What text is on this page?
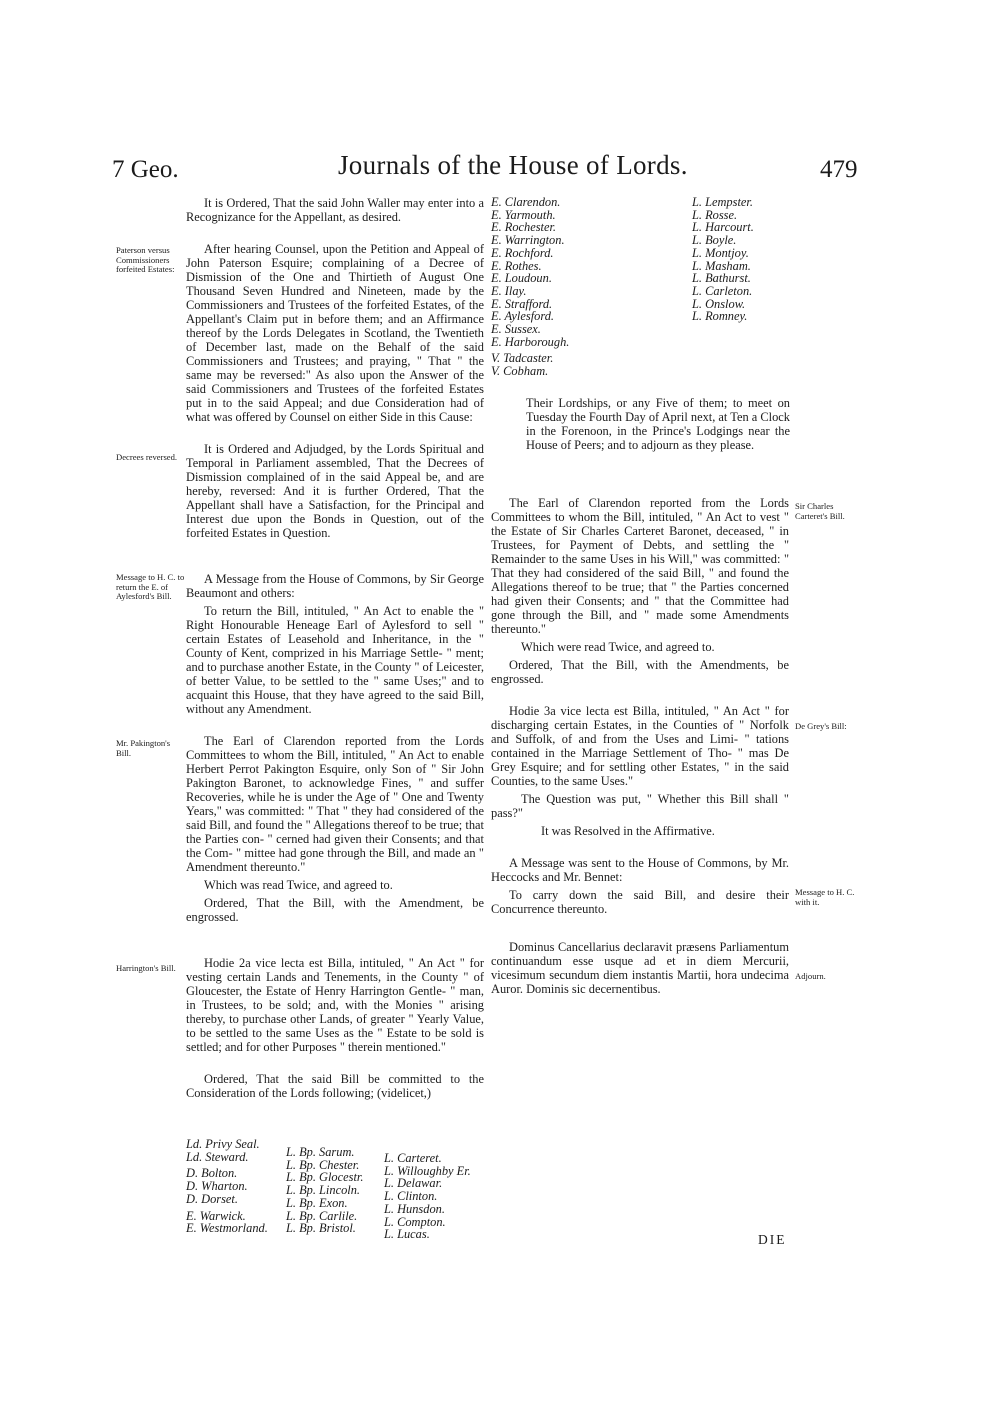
7 Geo.	Journals of the House of Lords.	479
Paterson versus Commissioners forfeited Estates:
Decrees reversed.
Message to H. C. to return the E. of Aylesford's Bill.
Mr. Pakington's Bill.
Harrington's Bill.

It is Ordered, That the said John Waller may enter into a Recognizance for the Appellant, as desired.

After hearing Counsel, upon the Petition and Appeal of John Paterson Esquire; complaining of a Decree of Dismission of the One and Thirtieth of August One Thousand Seven Hundred and Nineteen, made by the Commissioners and Trustees of the forfeited Estates, of the Appellant's Claim put in before them; and an Affirmance thereof by the Lords Delegates in Scotland, the Twentieth of December last, made on the Behalf of the said Commissioners and Trustees; and praying, " That " the same may be reversed:" As also upon the Answer of the said Commissioners and Trustees of the forfeited Estates put in to the said Appeal; and due Consideration had of what was offered by Counsel on either Side in this Cause:

It is Ordered and Adjudged, by the Lords Spiritual and Temporal in Parliament assembled, That the Decrees of Dismission complained of in the said Appeal be, and are hereby, reversed: And it is further Ordered, That the Appellant shall have a Satisfaction, for the Principal and Interest due upon the Bonds in Question, out of the forfeited Estates in Question.

A Message from the House of Commons, by Sir George Beaumont and others:

To return the Bill, intituled, " An Act to enable the " Right Honourable Heneage Earl of Aylesford to sell " certain Estates of Leasehold and Inheritance, in the " County of Kent, comprized in his Marriage Settle- " ment; and to purchase another Estate, in the County " of Leicester, of better Value, to be settled to the " same Uses;" and to acquaint this House, that they have agreed to the said Bill, without any Amendment.

The Earl of Clarendon reported from the Lords Committees to whom the Bill, intituled, " An Act to enable Herbert Perrot Pakington Esquire, only Son of " Sir John Pakington Baronet, to acknowledge Fines, " and suffer Recoveries, while he is under the Age of " One and Twenty Years," was committed: " That " they had considered of the said Bill, and found the " Allegations thereof to be true; that the Parties con- " cerned had given their Consents; and that the Com- " mittee had gone through the Bill, and made an " Amendment thereunto."

Which was read Twice, and agreed to.

Ordered, That the Bill, with the Amendment, be engrossed.

Hodie 2a vice lecta est Billa, intituled, " An Act " for vesting certain Lands and Tenements, in the County " of Gloucester, the Estate of Henry Harrington Gentle- " man, in Trustees, to be sold; and, with the Monies " arising thereby, to purchase other Lands, of greater " Yearly Value, to be settled to the same Uses as the " Estate to be sold is settled; and for other Purposes " therein mentioned."

Ordered, That the said Bill be committed to the Consideration of the Lords following; (videlicet,)

Ld. Privy Seal.
Ld. Steward.
D. Bolton.
D. Wharton.
D. Dorset.
E. Warwick.
E. Westmorland.
L. Bp. Sarum.
L. Bp. Chester.
L. Bp. Glocestr.
L. Bp. Lincoln.
L. Bp. Exon.
L. Bp. Carlile.
L. Bp. Bristol.
L. Carteret.
L. Willoughby Er.
L. Delawar.
L. Clinton.
L. Hunsdon.
L. Compton.
L. Lucas.
E. Clarendon.
E. Yarmouth.
E. Rochester.
E. Warrington.
E. Rochford.
E. Rothes.
E. Loudoun.
E. Ilay.
E. Strafford.
E. Aylesford.
E. Sussex.
E. Harborough.
V. Tadcaster.
V. Cobham.
L. Lempster.
L. Rosse.
L. Harcourt.
L. Boyle.
L. Montjoy.
L. Masham.
L. Bathurst.
L. Carleton.
L. Onslow.
L. Romney.

Their Lordships, or any Five of them; to meet on Tuesday the Fourth Day of April next, at Ten a Clock in the Forenoon, in the Prince's Lodgings near the House of Peers; and to adjourn as they please.

The Earl of Clarendon reported from the Lords Committees to whom the Bill, intituled, " An Act to vest " the Estate of Sir Charles Carteret Baronet, deceased, " in Trustees, for Payment of Debts, and settling the " Remainder to the same Uses in his Will," was committed: " That they had considered of the said Bill, " and found the Allegations thereof to be true; that " the Parties concerned had given their Consents; and " that the Committee had gone through the Bill, and " made some Amendments thereunto."

Which were read Twice, and agreed to.

Ordered, That the Bill, with the Amendments, be engrossed.

Hodie 3a vice lecta est Billa, intituled, " An Act " for discharging certain Estates, in the Counties of " Norfolk and Suffolk, of and from the Uses and Limi- " tations contained in the Marriage Settlement of Tho- " mas De Grey Esquire; and for settling other Estates, " in the said Counties, to the same Uses."

The Question was put, " Whether this Bill shall " pass?"

It was Resolved in the Affirmative.

A Message was sent to the House of Commons, by Mr. Heccocks and Mr. Bennet:

To carry down the said Bill, and desire their Concurrence thereunto.

Dominus Cancellarius declaravit præsens Parliamentum continuandum esse usque ad et in diem Mercurii, vicesimum secundum diem instantis Martii, hora undecima Auror. Dominis sic decernentibus.

Sir Charles Carteret's Bill.
De Grey's Bill:
Message to H. C. with it.
Adjourn.
DIE
